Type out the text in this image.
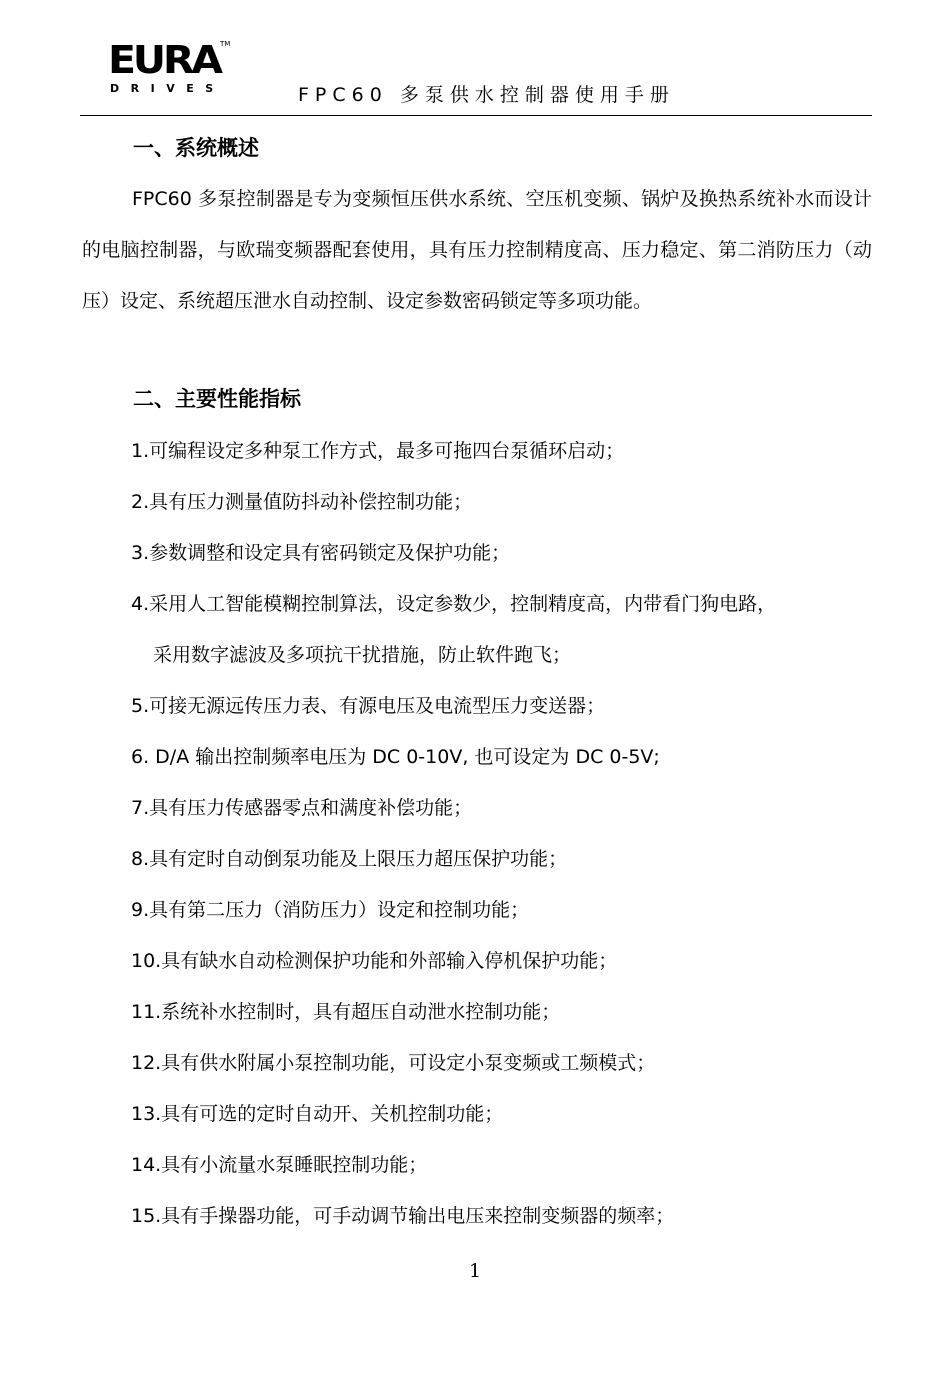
EURA TM
DRIVES	FPC60 多泵供水控制器使用手册
一、系统概述

FPC60 多泵控制器是专为变频恒压供水系统、空压机变频、锅炉及换热系统补水而设计的电脑控制器，与欧瑞变频器配套使用，具有压力控制精度高、压力稳定、第二消防压力（动压）设定、系统超压泄水自动控制、设定参数密码锁定等多项功能。

二、主要性能指标
1.可编程设定多种泵工作方式，最多可拖四台泵循环启动；
2.具有压力测量值防抖动补偿控制功能；
3.参数调整和设定具有密码锁定及保护功能；
4.采用人工智能模糊控制算法，设定参数少，控制精度高，内带看门狗电路，
采用数字滤波及多项抗干扰措施，防止软件跑飞；
5.可接无源远传压力表、有源电压及电流型压力变送器；
6. D/A 输出控制频率电压为 DC 0-10V, 也可设定为 DC 0-5V;
7.具有压力传感器零点和满度补偿功能；
8.具有定时自动倒泵功能及上限压力超压保护功能；
9.具有第二压力（消防压力）设定和控制功能；
10.具有缺水自动检测保护功能和外部输入停机保护功能；
11.系统补水控制时，具有超压自动泄水控制功能；
12.具有供水附属小泵控制功能，可设定小泵变频或工频模式；
13.具有可选的定时自动开、关机控制功能；
14.具有小流量水泵睡眠控制功能；
15.具有手操器功能，可手动调节输出电压来控制变频器的频率；
1
